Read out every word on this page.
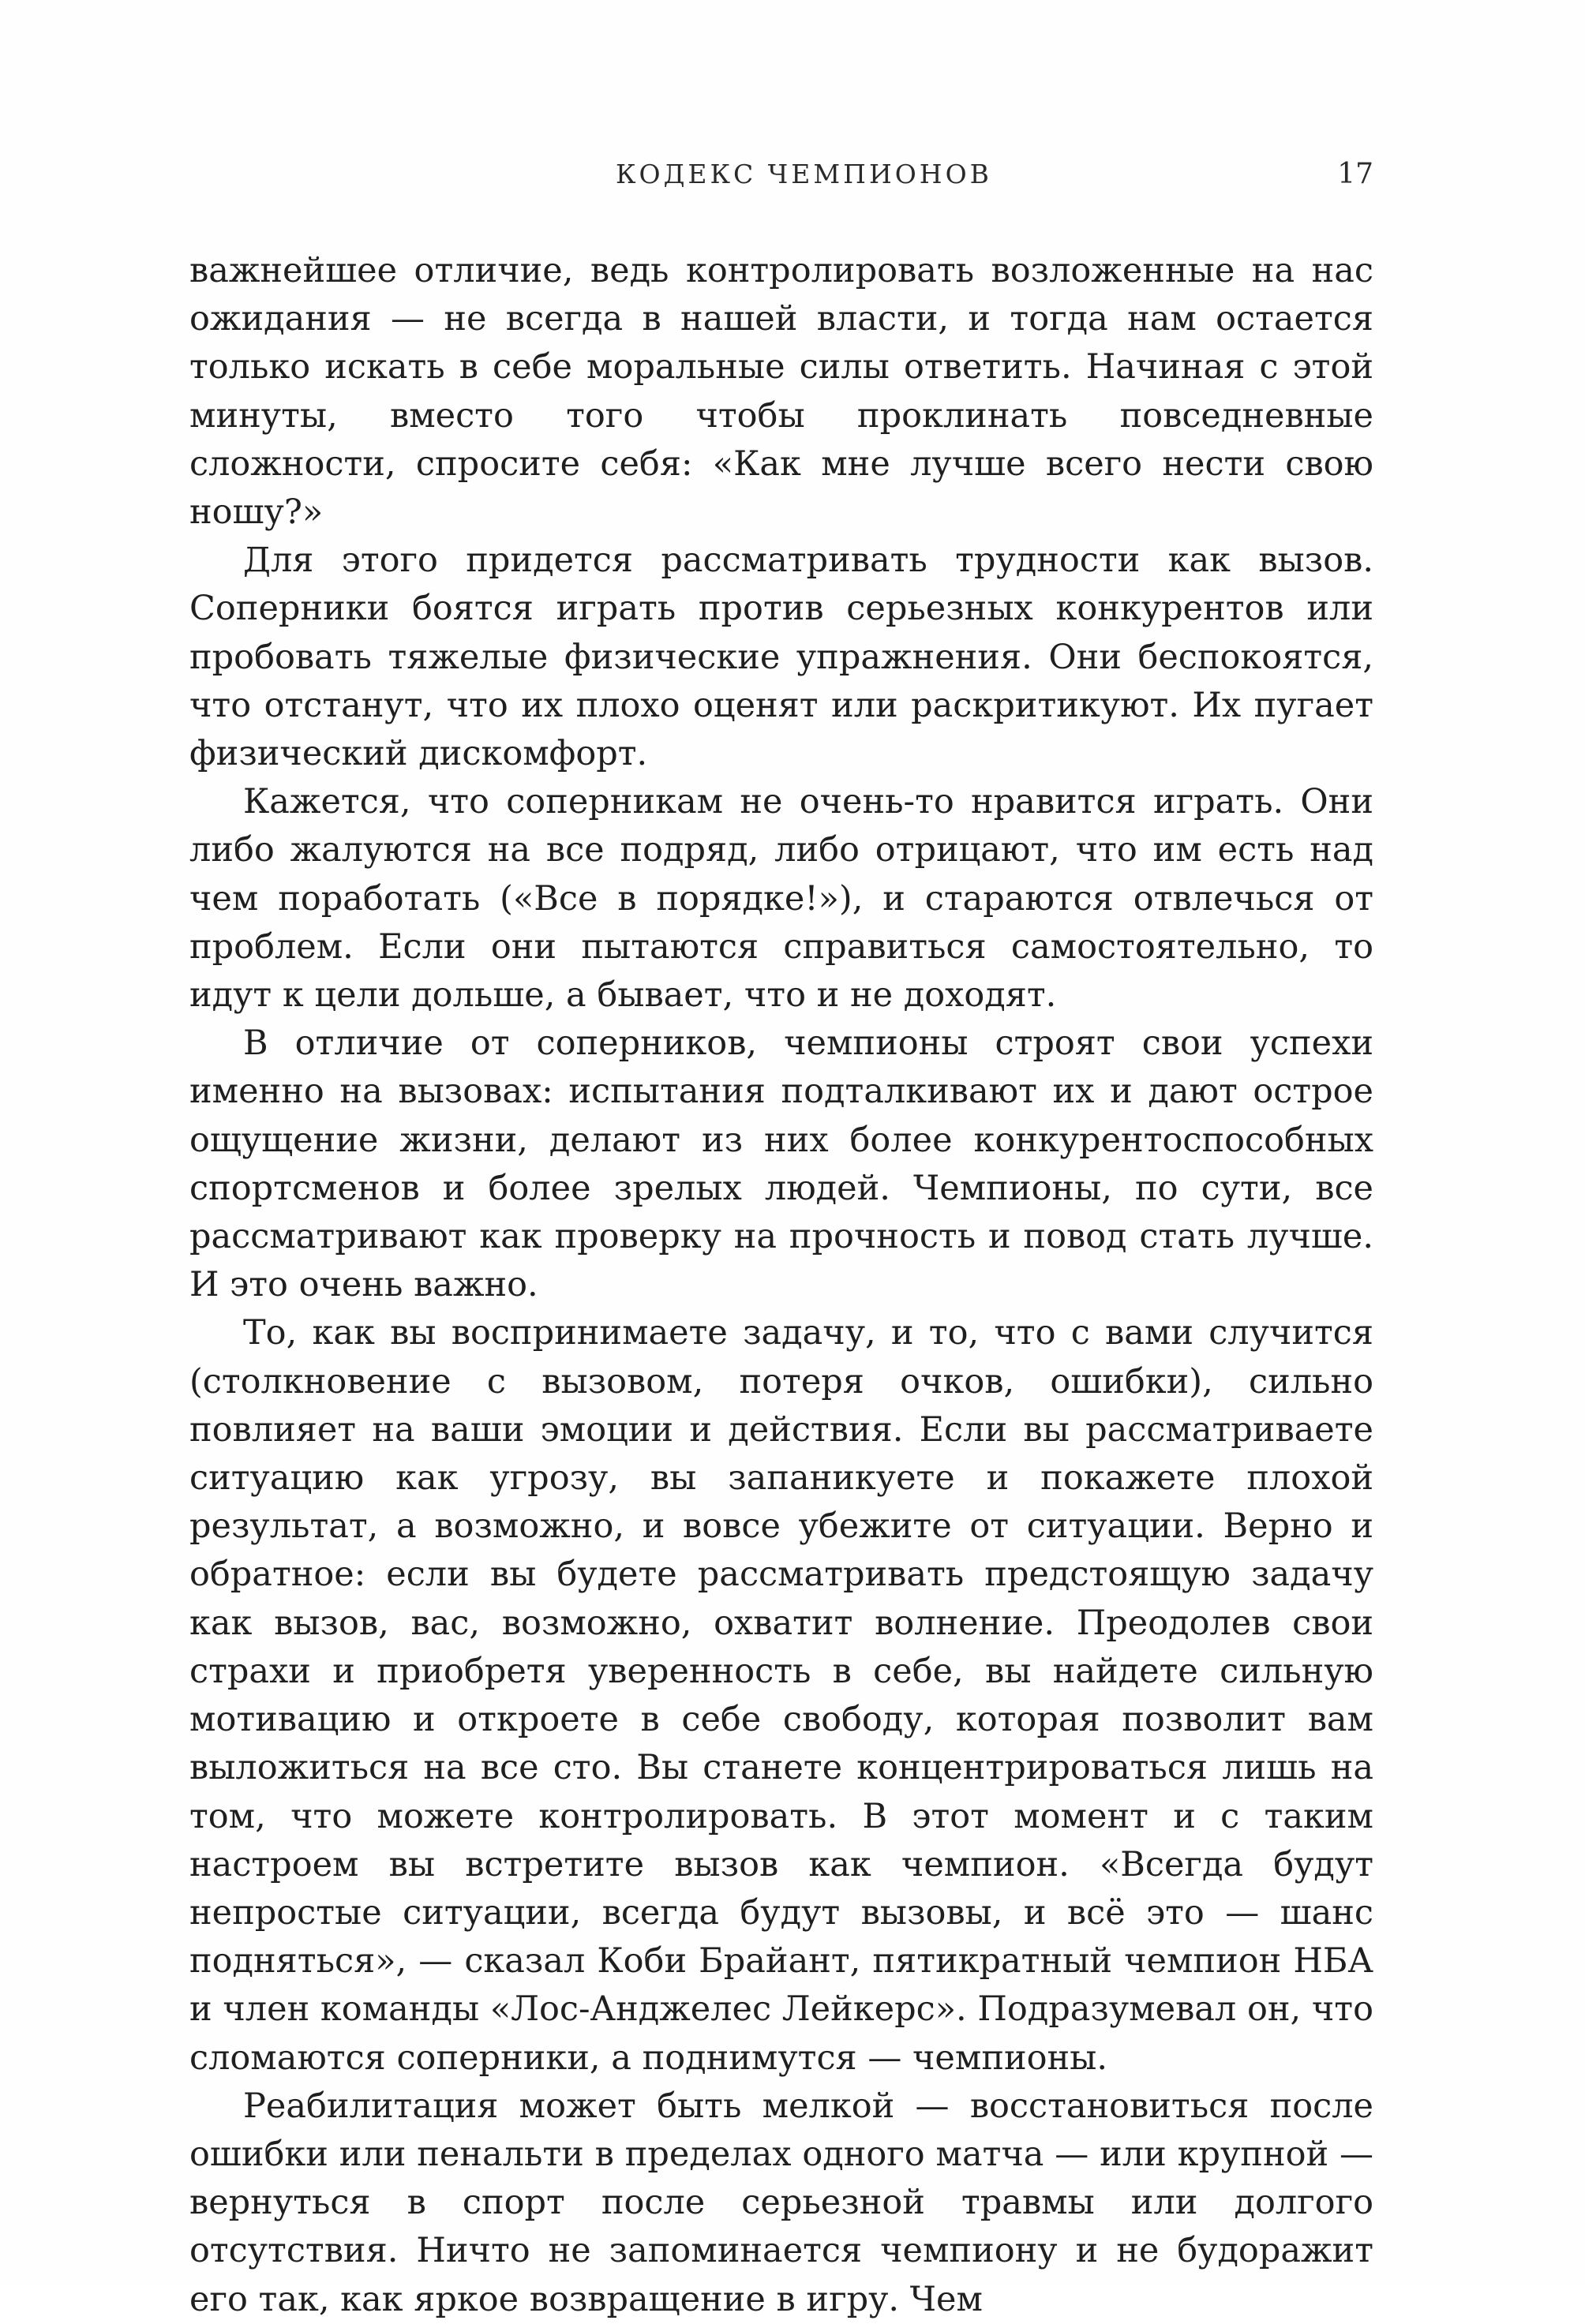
КОДЕКС ЧЕМПИОНОВ	17

важнейшее отличие, ведь контролировать возложенные на нас ожидания — не всегда в нашей власти, и тогда нам остается только искать в себе моральные силы ответить. Начиная с этой минуты, вместо того чтобы проклинать повседневные сложности, спросите себя: «Как мне лучше всего нести свою ношу?»

Для этого придется рассматривать трудности как вызов. Соперники боятся играть против серьезных конкурентов или пробовать тяжелые физические упражнения. Они беспокоятся, что отстанут, что их плохо оценят или раскритикуют. Их пугает физический дискомфорт.

Кажется, что соперникам не очень-то нравится играть. Они либо жалуются на все подряд, либо отрицают, что им есть над чем поработать («Все в порядке!»), и стараются отвлечься от проблем. Если они пытаются справиться самостоятельно, то идут к цели дольше, а бывает, что и не доходят.

В отличие от соперников, чемпионы строят свои успехи именно на вызовах: испытания подталкивают их и дают острое ощущение жизни, делают из них более конкурентоспособных спортсменов и более зрелых людей. Чемпионы, по сути, все рассматривают как проверку на прочность и повод стать лучше. И это очень важно.

То, как вы воспринимаете задачу, и то, что с вами случится (столкновение с вызовом, потеря очков, ошибки), сильно повлияет на ваши эмоции и действия. Если вы рассматриваете ситуацию как угрозу, вы запаникуете и покажете плохой результат, а возможно, и вовсе убежите от ситуации. Верно и обратное: если вы будете рассматривать предстоящую задачу как вызов, вас, возможно, охватит волнение. Преодолев свои страхи и приобретя уверенность в себе, вы найдете сильную мотивацию и откроете в себе свободу, которая позволит вам выложиться на все сто. Вы станете концентрироваться лишь на том, что можете контролировать. В этот момент и с таким настроем вы встретите вызов как чемпион. «Всегда будут непростые ситуации, всегда будут вызовы, и всё это — шанс подняться», — сказал Коби Брайант, пятикратный чемпион НБА и член команды «Лос-Анджелес Лейкерс». Подразумевал он, что сломаются соперники, а поднимутся — чемпионы.

Реабилитация может быть мелкой — восстановиться после ошибки или пенальти в пределах одного матча — или крупной — вернуться в спорт после серьезной травмы или долгого отсутствия. Ничто не запоминается чемпиону и не будоражит его так, как яркое возвращение в игру. Чем
